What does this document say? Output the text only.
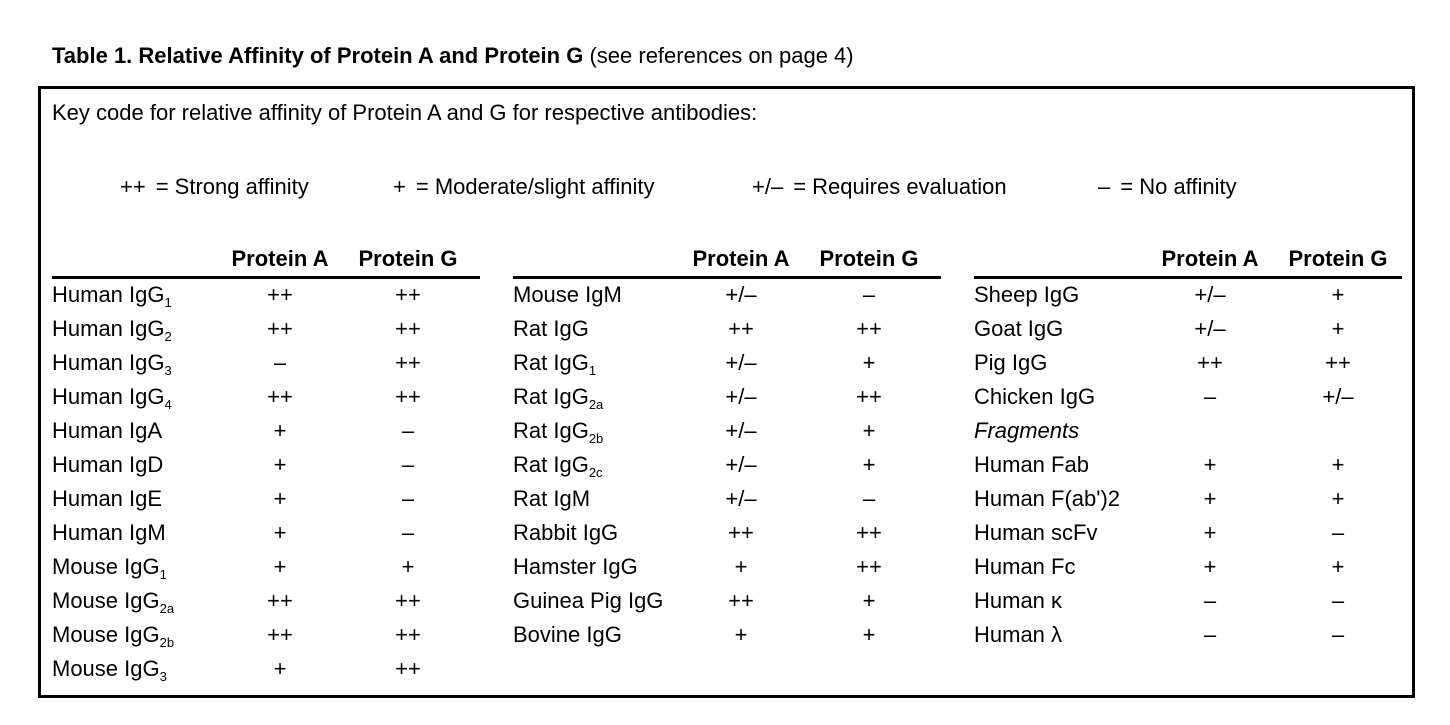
Table 1. Relative Affinity of Protein A and Protein G (see references on page 4)
Key code for relative affinity of Protein A and G for respective antibodies:
++ = Strong affinity	+ = Moderate/slight affinity	+/– = Requires evaluation	– = No affinity
Protein A	Protein G
Human IgG$_1$	++	++
Human IgG$_2$	++	++
Human IgG$_3$	–	++
Human IgG$_4$	++	++
Human IgA	+	–
Human IgD	+	–
Human IgE	+	–
Human IgM	+	–
Mouse IgG$_1$	+	+
Mouse IgG$_{2a}$	++	++
Mouse IgG$_{2b}$	++	++
Mouse IgG$_3$	+	++
Protein A	Protein G
Mouse IgM	+/–	–
Rat IgG	++	++
Rat IgG$_1$	+/–	+
Rat IgG$_{2a}$	+/–	++
Rat IgG$_{2b}$	+/–	+
Rat IgG$_{2c}$	+/–	+
Rat IgM	+/–	–
Rabbit IgG	++	++
Hamster IgG	+	++
Guinea Pig IgG	++	+
Bovine IgG	+	+
Protein A	Protein G
Sheep IgG	+/–	+
Goat IgG	+/–	+
Pig IgG	++	++
Chicken IgG	–	+/–
Fragments
Human Fab	+	+
Human F(ab')2	+	+
Human scFv	+	–
Human Fc	+	+
Human κ	–	–
Human λ	–	–
